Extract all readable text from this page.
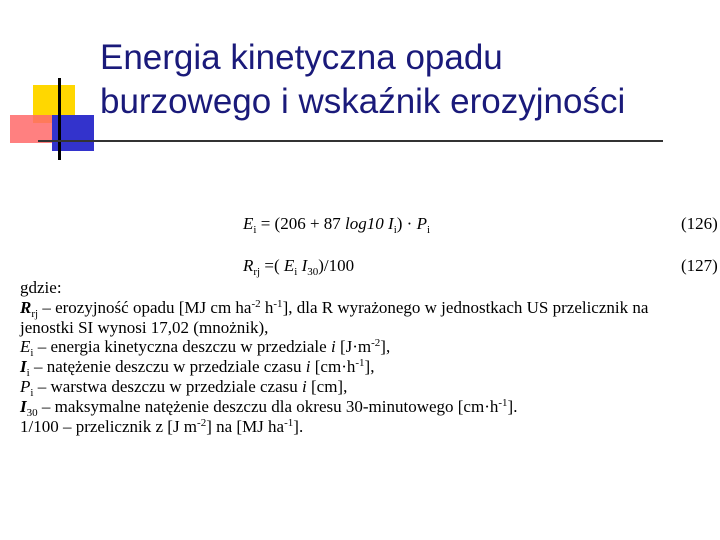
Energia kinetyczna opadu
burzowego i wskaźnik erozyjności
$E_i = (206 + 87$ log10 $I_i) \cdot P_i$	(126)
$R_{rj}$ =( $E_i$ $I_{30})/100$	(127)
gdzie:
$R_{rj}$ – erozyjność opadu [MJ cm $ha^{-2}$ $h^{-1}$], dla R wyrażonego w jednostkach US przelicznik na
jenostki SI wynosi 17,02 (mnożnik),
$E_i$ – energia kinetyczna deszczu w przedziale i $[J\cdot m^{-2}]$,
$I_i$ – natężenie deszczu w przedziale czasu i $[cm\cdot h^{-1}]$,
$P_i$ – warstwa deszczu w przedziale czasu i [cm],
$I_{30}$ – maksymalne natężenie deszczu dla okresu 30-minutowego $[cm\cdot h^{-1}]$.
1/100 – przelicznik z [J $m^{-2}$] na [MJ $ha^{-1}$].
